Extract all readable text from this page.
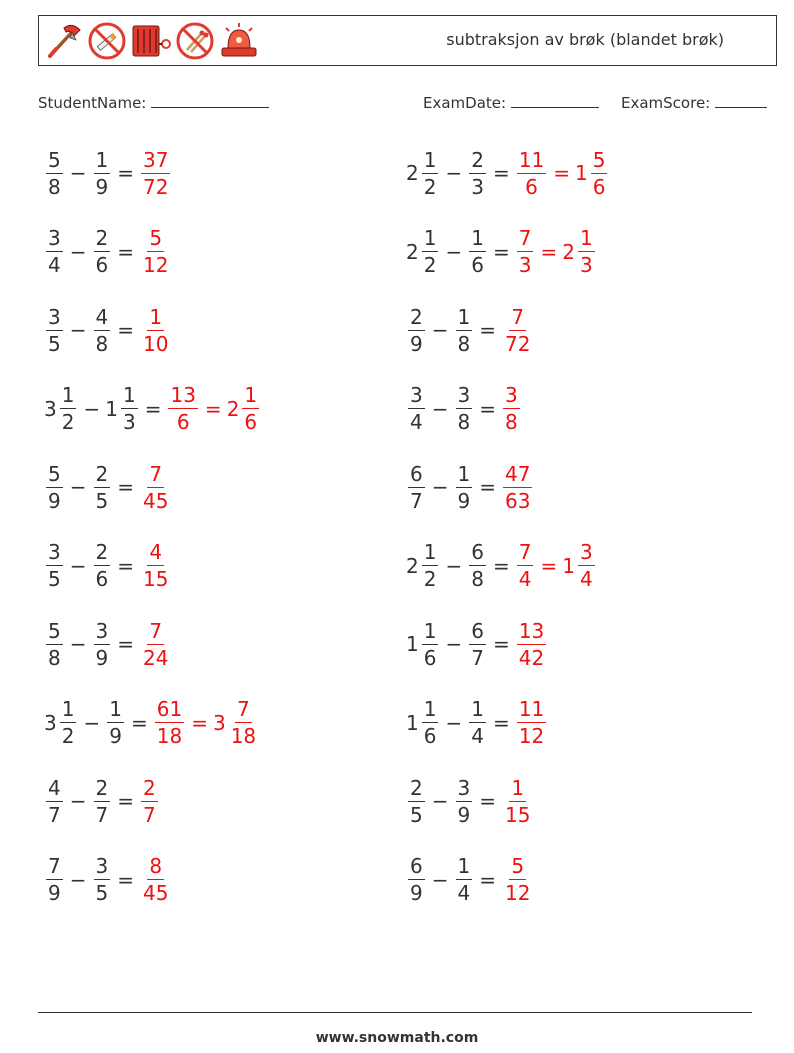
subtraksjon av brøk (blandet brøk)
StudentName:	ExamDate:	ExamScore:
$\frac{5}{8} - \frac{1}{9} = \frac{37}{72}$
$\frac{3}{4} - \frac{2}{6} = \frac{5}{12}$
$\frac{3}{5} - \frac{4}{8} = \frac{1}{10}$
$3 \frac{1}{2} - 1 \frac{1}{3} = \frac{13}{6} = 2 \frac{1}{6}$
$\frac{5}{9} - \frac{2}{5} = \frac{7}{45}$
$\frac{3}{5} - \frac{2}{6} = \frac{4}{15}$
$\frac{5}{8} - \frac{3}{9} = \frac{7}{24}$
$3 \frac{1}{2} - \frac{1}{9} = \frac{61}{18} = 3 \frac{7}{18}$
$\frac{4}{7} - \frac{2}{7} = \frac{2}{7}$
$\frac{7}{9} - \frac{3}{5} = \frac{8}{45}$
$2 \frac{1}{2} - \frac{2}{3} = \frac{11}{6} = 1 \frac{5}{6}$
$2 \frac{1}{2} - \frac{1}{6} = \frac{7}{3} = 2 \frac{1}{3}$
$\frac{2}{9} - \frac{1}{8} = \frac{7}{72}$
$\frac{3}{4} - \frac{3}{8} = \frac{3}{8}$
$\frac{6}{7} - \frac{1}{9} = \frac{47}{63}$
$2 \frac{1}{2} - \frac{6}{8} = \frac{7}{4} = 1 \frac{3}{4}$
$1 \frac{1}{6} - \frac{6}{7} = \frac{13}{42}$
$1 \frac{1}{6} - \frac{1}{4} = \frac{11}{12}$
$\frac{2}{5} - \frac{3}{9} = \frac{1}{15}$
$\frac{6}{9} - \frac{1}{4} = \frac{5}{12}$
www.snowmath.com
